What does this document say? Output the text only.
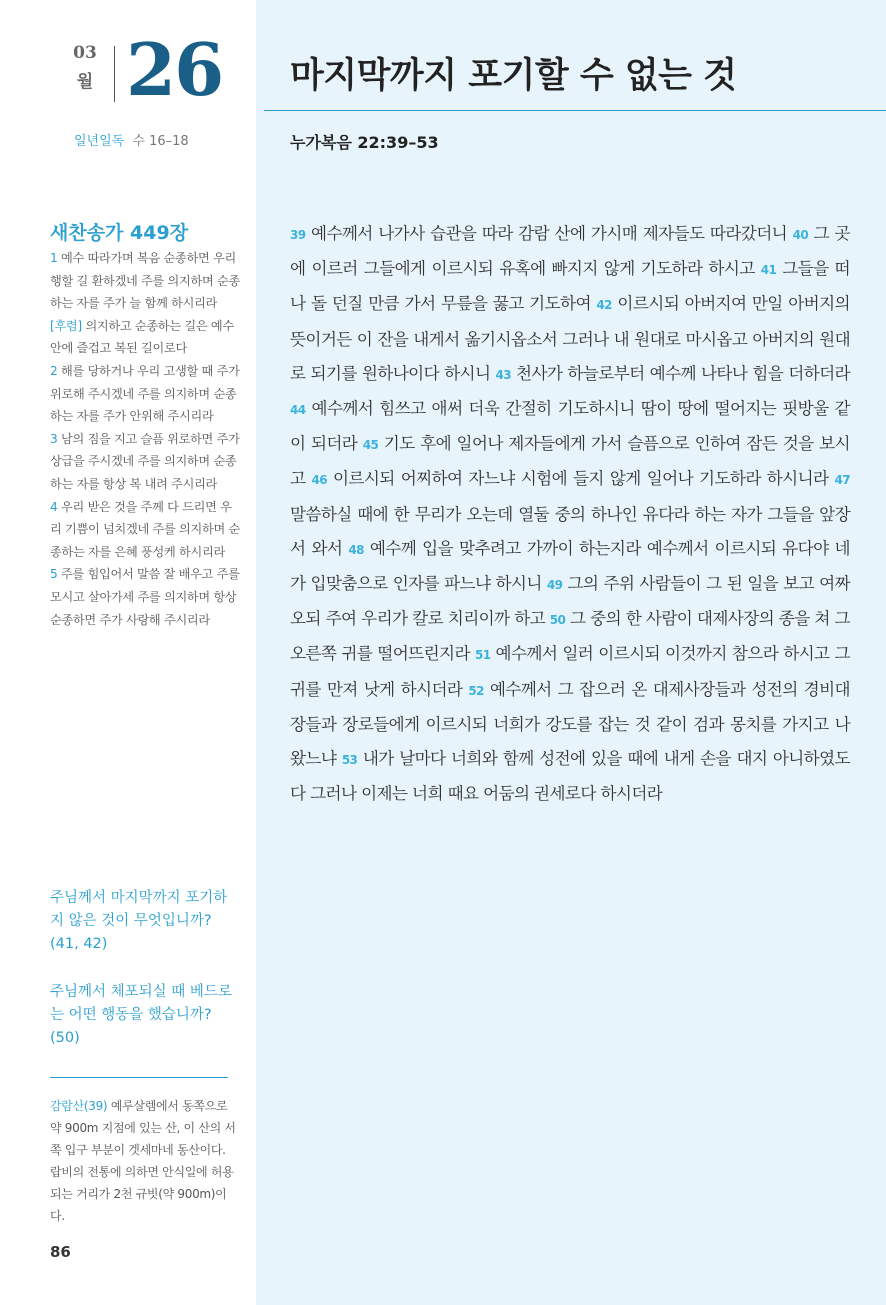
03
월 26
일년일독 수 16–18
새찬송가 449장
1 예수 따라가며 복음 순종하면 우리 행할 길 환하겠네 주를 의지하며 순종하는 자를 주가 늘 함께 하시리라
[후렴] 의지하고 순종하는 길은 예수 안에 즐겁고 복된 길이로다
2 해를 당하거나 우리 고생할 때 주가 위로해 주시겠네 주를 의지하며 순종하는 자를 주가 안위해 주시리라
3 남의 짐을 지고 슬픔 위로하면 주가 상급을 주시겠네 주를 의지하며 순종하는 자를 항상 복 내려 주시리라
4 우리 받은 것을 주께 다 드리면 우리 기쁨이 넘치겠네 주를 의지하며 순종하는 자를 은혜 풍성케 하시리라
5 주를 힘입어서 말씀 잘 배우고 주를 모시고 살아가세 주를 의지하며 항상 순종하면 주가 사랑해 주시리라
주님께서 마지막까지 포기하지 않은 것이 무엇입니까? (41, 42)
주님께서 체포되실 때 베드로는 어떤 행동을 했습니까? (50)
감람산(39) 예루살렘에서 동쪽으로 약 900m 지점에 있는 산, 이 산의 서쪽 입구 부분이 겟세마네 동산이다. 랍비의 전통에 의하면 안식일에 허용 되는 거리가 2천 규빗(약 900m)이다.
86
마지막까지 포기할 수 없는 것
누가복음 22:39–53
39 예수께서 나가사 습관을 따라 감람 산에 가시매 제자들도 따라갔더니 40 그 곳에 이르러 그들에게 이르시되 유혹에 빠지지 않게 기도하라 하시고 41 그들을 떠나 돌 던질 만큼 가서 무릎을 꿇고 기도하여 42 이르시되 아버지여 만일 아버지의 뜻이거든 이 잔을 내게서 옮기시옵소서 그러나 내 원대로 마시옵고 아버지의 원대로 되기를 원하나이다 하시니 43 천사가 하늘로부터 예수께 나타나 힘을 더하더라 44 예수께서 힘쓰고 애써 더욱 간절히 기도하시니 땀이 땅에 떨어지는 핏방울 같이 되더라 45 기도 후에 일어나 제자들에게 가서 슬픔으로 인하여 잠든 것을 보시고 46 이르시되 어찌하여 자느냐 시험에 들지 않게 일어나 기도하라 하시니라 47 말씀하실 때에 한 무리가 오는데 열둘 중의 하나인 유다라 하는 자가 그들을 앞장서 와서 48 예수께 입을 맞추려고 가까이 하는지라 예수께서 이르시되 유다야 네가 입맞춤으로 인자를 파느냐 하시니 49 그의 주위 사람들이 그 된 일을 보고 여짜오되 주여 우리가 칼로 치리이까 하고 50 그 중의 한 사람이 대제사장의 종을 쳐 그 오른쪽 귀를 떨어뜨린지라 51 예수께서 일러 이르시되 이것까지 참으라 하시고 그 귀를 만져 낫게 하시더라 52 예수께서 그 잡으러 온 대제사장들과 성전의 경비대장들과 장로들에게 이르시되 너희가 강도를 잡는 것 같이 검과 몽치를 가지고 나왔느냐 53 내가 날마다 너희와 함께 성전에 있을 때에 내게 손을 대지 아니하였도다 그러나 이제는 너희 때요 어둠의 권세로다 하시더라
